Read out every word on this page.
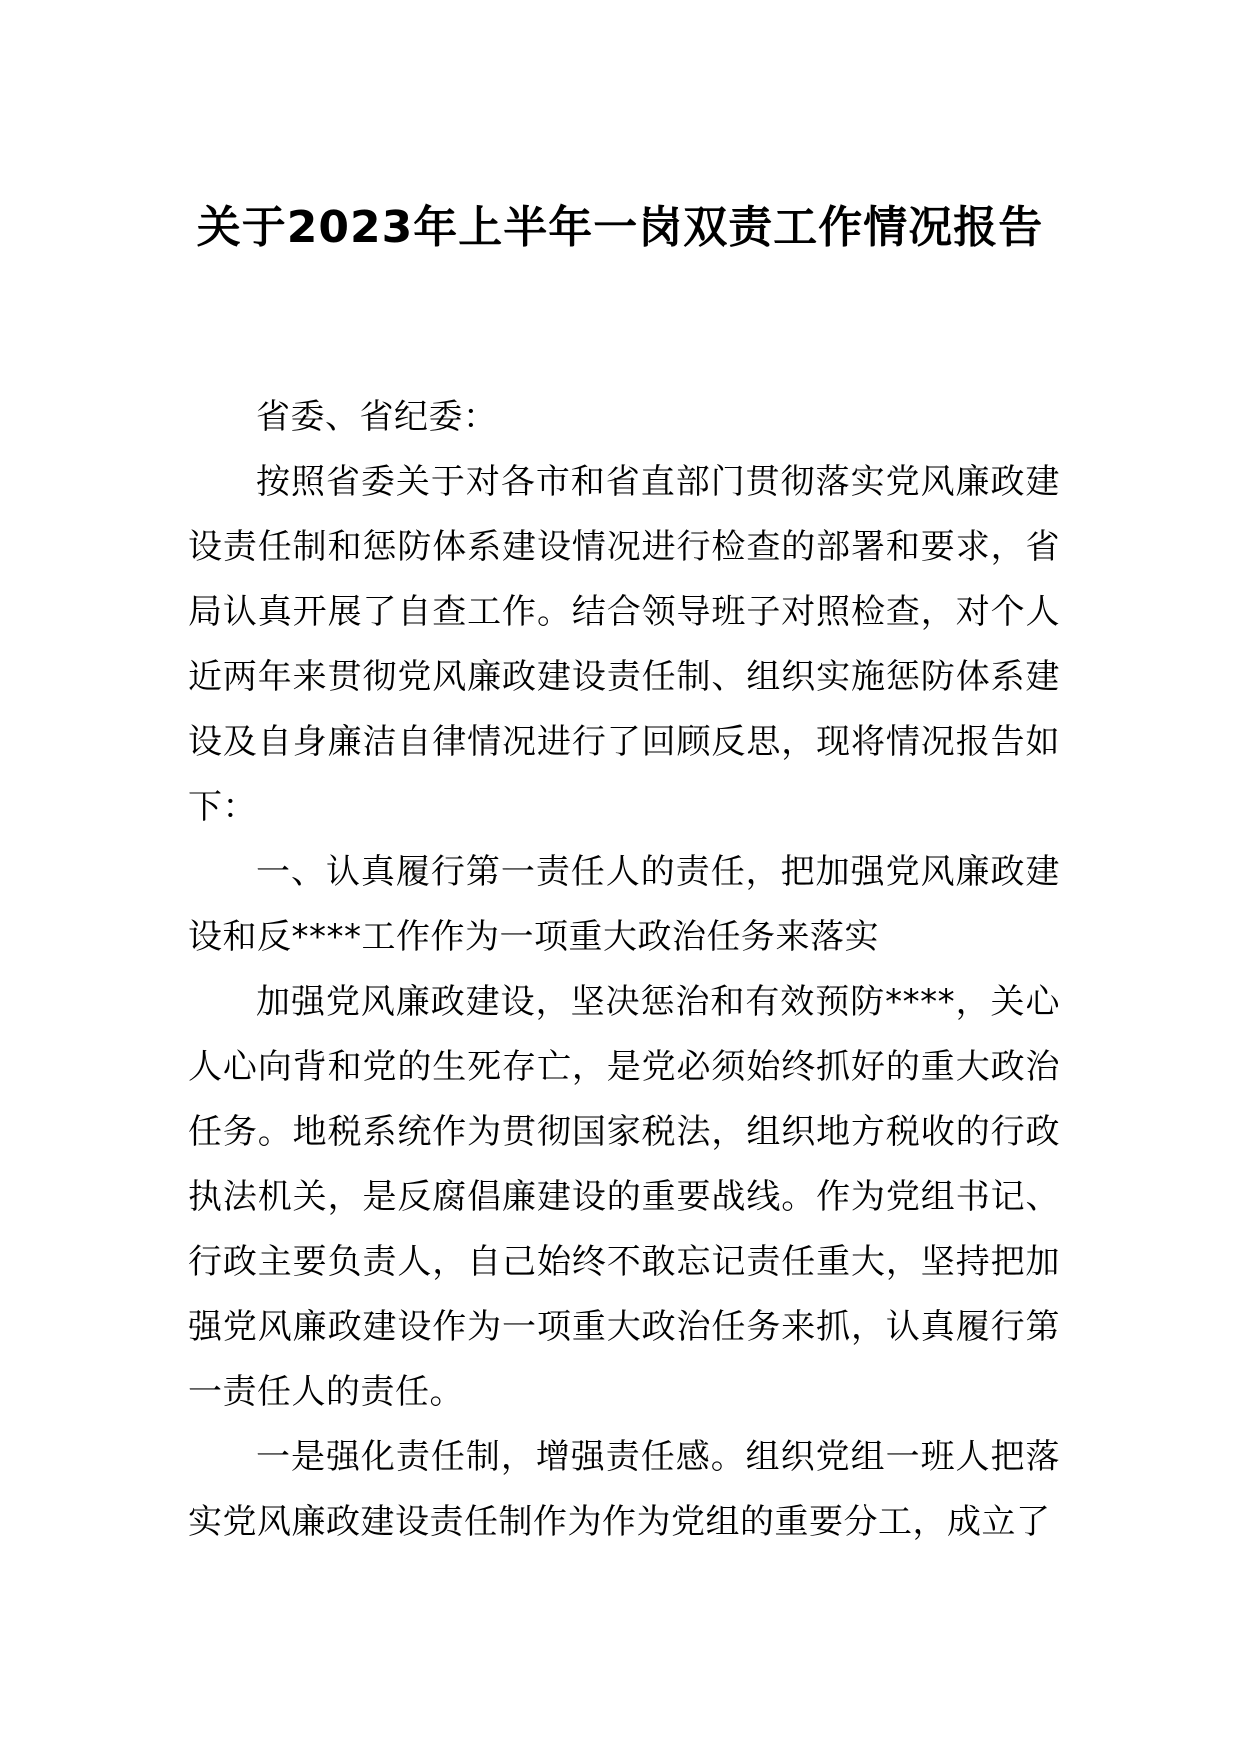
关于2023年上半年一岗双责工作情况报告

省委、省纪委：

按照省委关于对各市和省直部门贯彻落实党风廉政建设责任制和惩防体系建设情况进行检查的部署和要求，省局认真开展了自查工作。结合领导班子对照检查，对个人近两年来贯彻党风廉政建设责任制、组织实施惩防体系建设及自身廉洁自律情况进行了回顾反思，现将情况报告如下：

一、认真履行第一责任人的责任，把加强党风廉政建设和反****工作作为一项重大政治任务来落实

加强党风廉政建设，坚决惩治和有效预防****，关心人心向背和党的生死存亡，是党必须始终抓好的重大政治任务。地税系统作为贯彻国家税法，组织地方税收的行政执法机关，是反腐倡廉建设的重要战线。作为党组书记、行政主要负责人，自己始终不敢忘记责任重大，坚持把加强党风廉政建设作为一项重大政治任务来抓，认真履行第一责任人的责任。

一是强化责任制，增强责任感。组织党组一班人把落实党风廉政建设责任制作为作为党组的重要分工，成立了
